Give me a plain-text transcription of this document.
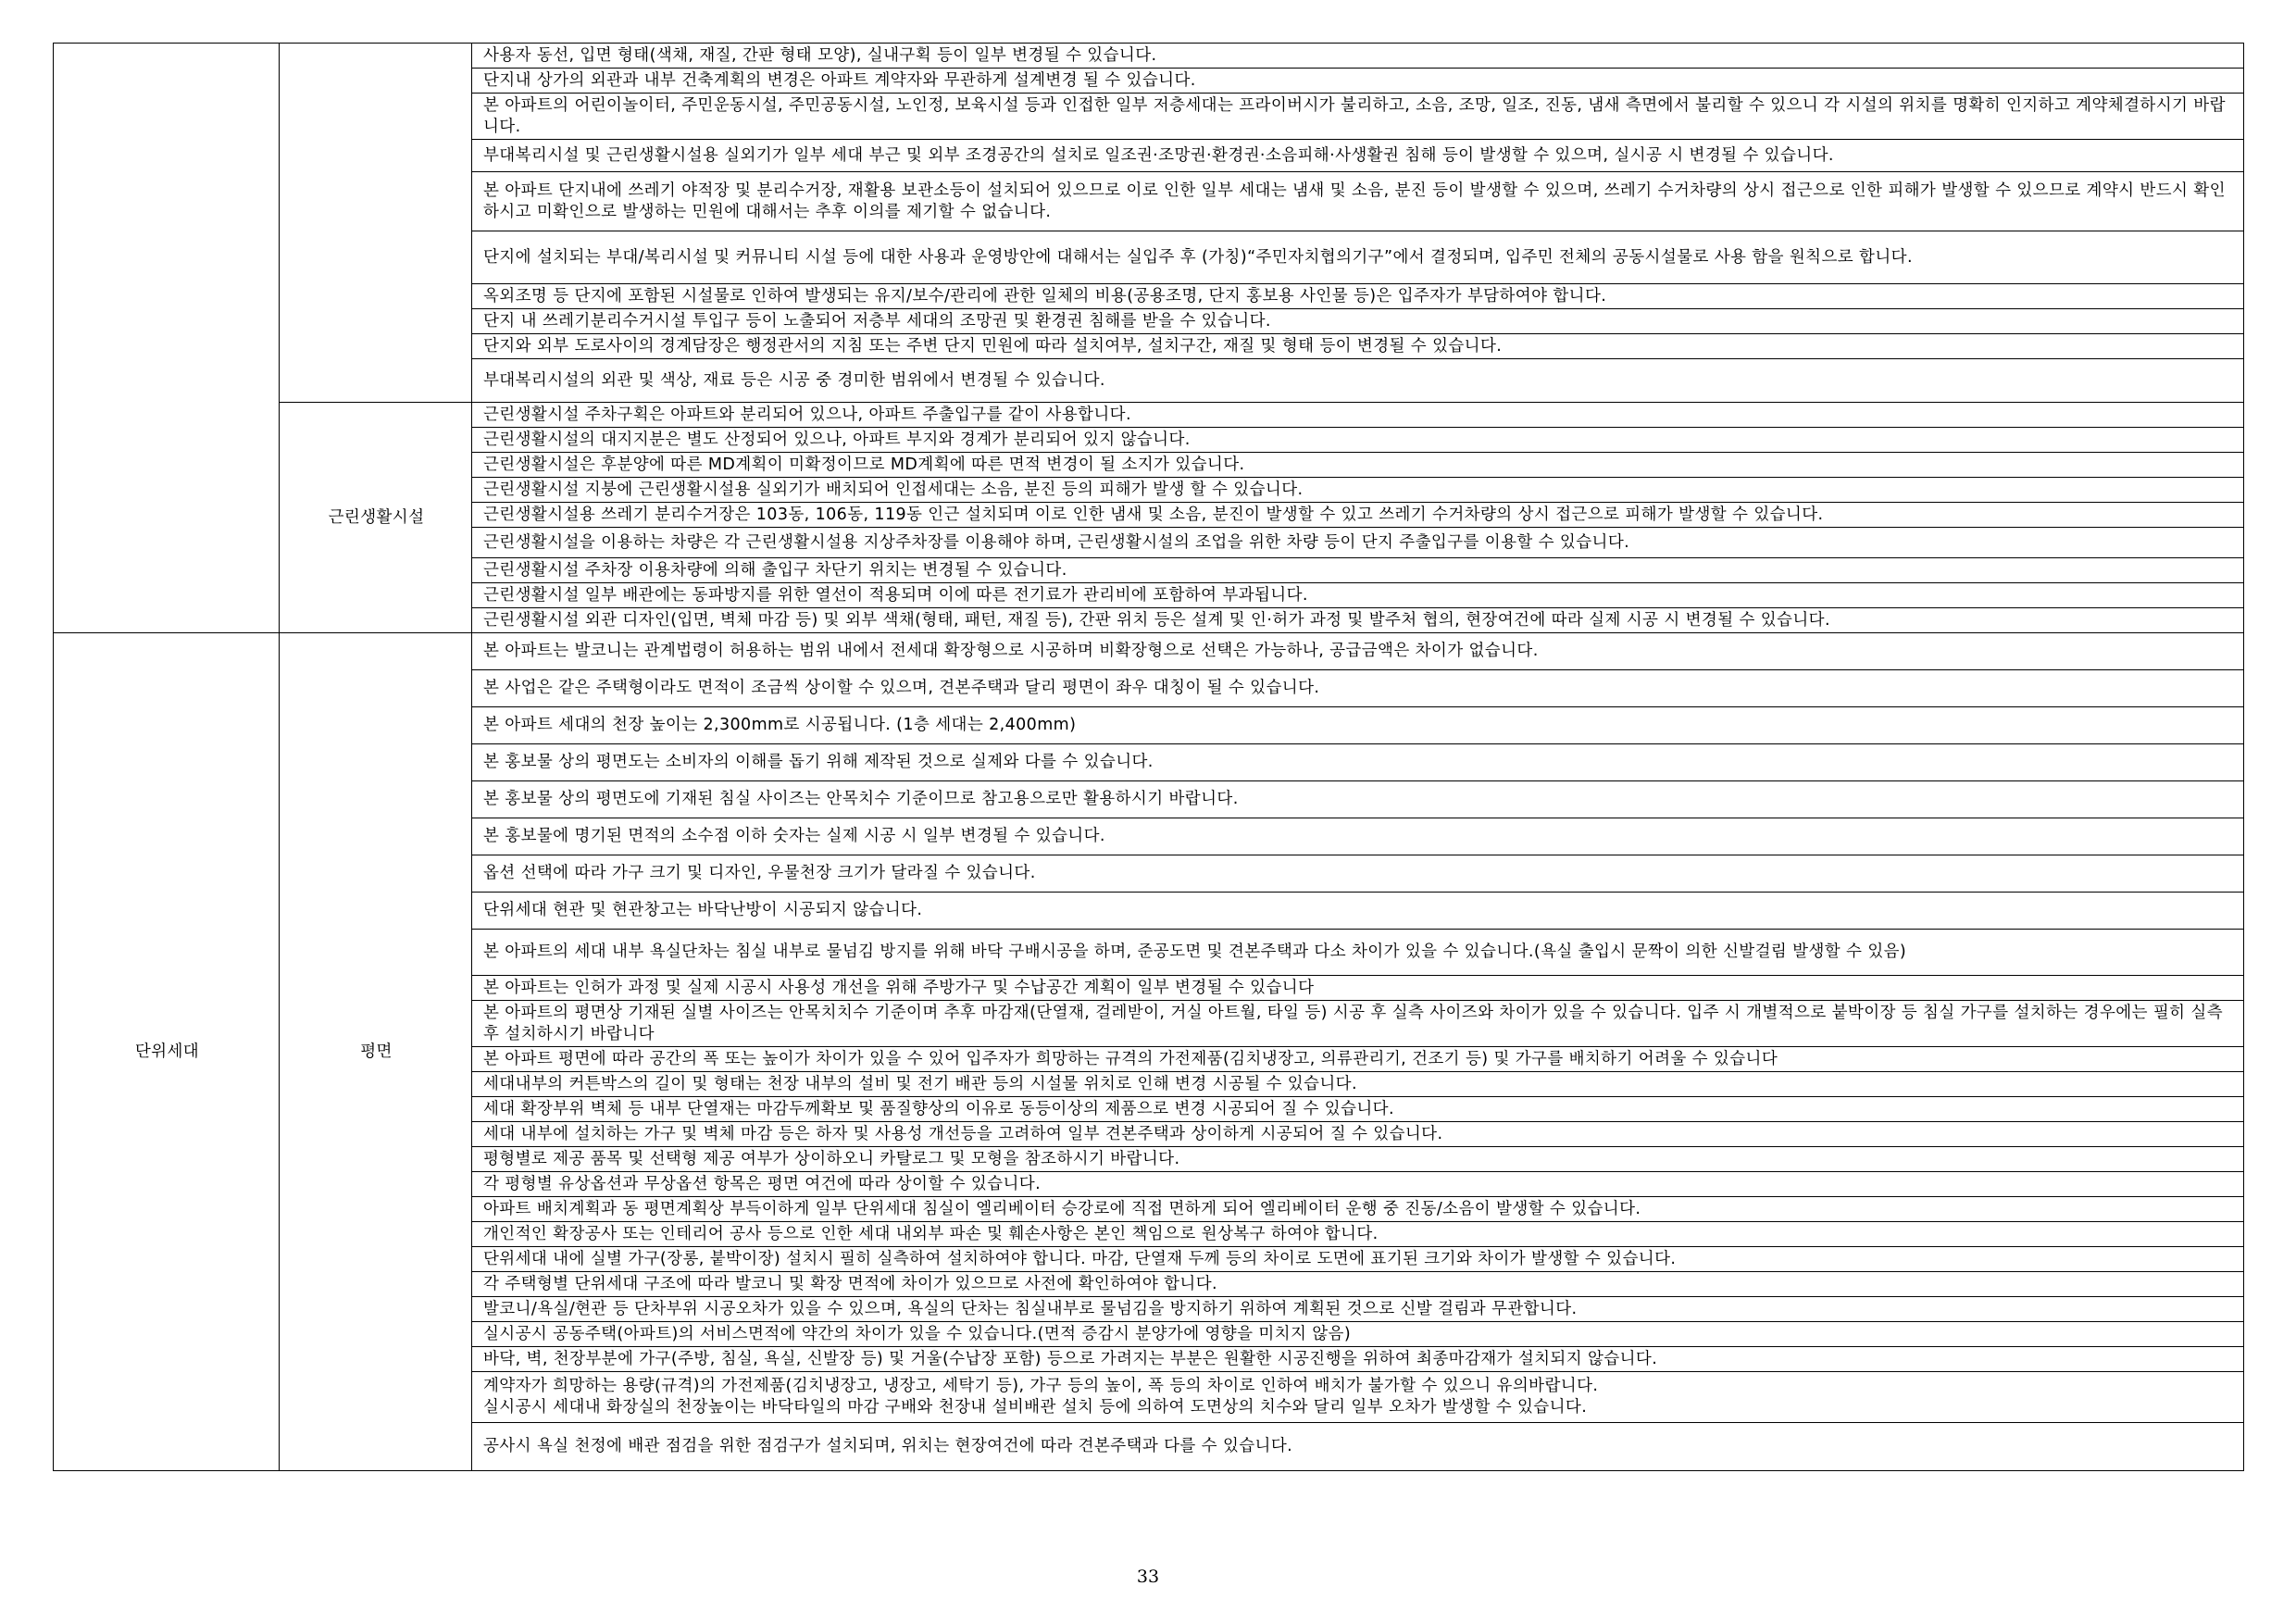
		사용자 동선, 입면 형태(색채, 재질, 간판 형태 모양), 실내구획 등이 일부 변경될 수 있습니다.
		단지내 상가의 외관과 내부 건축계획의 변경은 아파트 계약자와 무관하게 설계변경 될 수 있습니다.
		본 아파트의 어린이놀이터, 주민운동시설, 주민공동시설, 노인정, 보육시설 등과 인접한 일부 저층세대는 프라이버시가 불리하고, 소음, 조망, 일조, 진동, 냄새 측면에서 불리할 수 있으니 각 시설의 위치를 명확히 인지하고 계약체결하시기 바랍니다.
		부대복리시설 및 근린생활시설용 실외기가 일부 세대 부근 및 외부 조경공간의 설치로 일조권·조망권·환경권·소음피해·사생활권 침해 등이 발생할 수 있으며, 실시공 시 변경될 수 있습니다.
		본 아파트 단지내에 쓰레기 야적장 및 분리수거장, 재활용 보관소등이 설치되어 있으므로 이로 인한 일부 세대는 냄새 및 소음, 분진 등이 발생할 수 있으며, 쓰레기 수거차량의 상시 접근으로 인한 피해가 발생할 수 있으므로 계약시 반드시 확인하시고 미확인으로 발생하는 민원에 대해서는 추후 이의를 제기할 수 없습니다.
		단지에 설치되는 부대/복리시설 및 커뮤니티 시설 등에 대한 사용과 운영방안에 대해서는 실입주 후 (가칭)“주민자치협의기구”에서 결정되며, 입주민 전체의 공동시설물로 사용 함을 원칙으로 합니다.
		옥외조명 등 단지에 포함된 시설물로 인하여 발생되는 유지/보수/관리에 관한 일체의 비용(공용조명, 단지 홍보용 사인물 등)은 입주자가 부담하여야 합니다.
		단지 내 쓰레기분리수거시설 투입구 등이 노출되어 저층부 세대의 조망권 및 환경권 침해를 받을 수 있습니다.
		단지와 외부 도로사이의 경계담장은 행정관서의 지침 또는 주변 단지 민원에 따라 설치여부, 설치구간, 재질 및 형태 등이 변경될 수 있습니다.
		부대복리시설의 외관 및 색상, 재료 등은 시공 중 경미한 범위에서 변경될 수 있습니다.
	근린생활시설	근린생활시설 주차구획은 아파트와 분리되어 있으나, 아파트 주출입구를 같이 사용합니다.
		근린생활시설의 대지지분은 별도 산정되어 있으나, 아파트 부지와 경계가 분리되어 있지 않습니다.
		근린생활시설은 후분양에 따른 MD계획이 미확정이므로 MD계획에 따른 면적 변경이 될 소지가 있습니다.
		근린생활시설 지붕에 근린생활시설용 실외기가 배치되어 인접세대는 소음, 분진 등의 피해가 발생 할 수 있습니다.
		근린생활시설용 쓰레기 분리수거장은 103동, 106동, 119동 인근 설치되며 이로 인한 냄새 및 소음, 분진이 발생할 수 있고 쓰레기 수거차량의 상시 접근으로 피해가 발생할 수 있습니다.
		근린생활시설을 이용하는 차량은 각 근린생활시설용 지상주차장를 이용해야 하며, 근린생활시설의 조업을 위한 차량 등이 단지 주출입구를 이용할 수 있습니다.
		근린생활시설 주차장 이용차량에 의해 출입구 차단기 위치는 변경될 수 있습니다.
		근린생활시설 일부 배관에는 동파방지를 위한 열선이 적용되며 이에 따른 전기료가 관리비에 포함하여 부과됩니다.
		근린생활시설 외관 디자인(입면, 벽체 마감 등) 및 외부 색채(형태, 패턴, 재질 등), 간판 위치 등은 설계 및 인·허가 과정 및 발주처 협의, 현장여건에 따라 실제 시공 시 변경될 수 있습니다.
단위세대	평면	본 아파트는 발코니는 관계법령이 허용하는 범위 내에서 전세대 확장형으로 시공하며 비확장형으로 선택은 가능하나, 공급금액은 차이가 없습니다.
		본 사업은 같은 주택형이라도 면적이 조금씩 상이할 수 있으며, 견본주택과 달리 평면이 좌우 대칭이 될 수 있습니다.
		본 아파트 세대의 천장 높이는 2,300mm로 시공됩니다. (1층 세대는 2,400mm)
		본 홍보물 상의 평면도는 소비자의 이해를 돕기 위해 제작된 것으로 실제와 다를 수 있습니다.
		본 홍보물 상의 평면도에 기재된 침실 사이즈는 안목치수 기준이므로 참고용으로만 활용하시기 바랍니다.
		본 홍보물에 명기된 면적의 소수점 이하 숫자는 실제 시공 시 일부 변경될 수 있습니다.
		옵션 선택에 따라 가구 크기 및 디자인, 우물천장 크기가 달라질 수 있습니다.
		단위세대 현관 및 현관창고는 바닥난방이 시공되지 않습니다.
		본 아파트의 세대 내부 욕실단차는 침실 내부로 물넘김 방지를 위해 바닥 구배시공을 하며, 준공도면 및 견본주택과 다소 차이가 있을 수 있습니다.(욕실 출입시 문짝이 의한 신발걸림 발생할 수 있음)
		본 아파트는 인허가 과정 및 실제 시공시 사용성 개선을 위해 주방가구 및 수납공간 계획이 일부 변경될 수 있습니다
		본 아파트의 평면상 기재된 실별 사이즈는 안목치치수 기준이며 추후 마감재(단열재, 걸레받이, 거실 아트월, 타일 등) 시공 후 실측 사이즈와 차이가 있을 수 있습니다. 입주 시 개별적으로 붙박이장 등 침실 가구를 설치하는 경우에는 필히 실측 후 설치하시기 바랍니다
		본 아파트 평면에 따라 공간의 폭 또는 높이가 차이가 있을 수 있어 입주자가 희망하는 규격의 가전제품(김치냉장고, 의류관리기, 건조기 등) 및 가구를 배치하기 어려울 수 있습니다
		세대내부의 커튼박스의 길이 및 형태는 천장 내부의 설비 및 전기 배관 등의 시설물 위치로 인해 변경 시공될 수 있습니다.
		세대 확장부위 벽체 등 내부 단열재는 마감두께확보 및 품질향상의 이유로 동등이상의 제품으로 변경 시공되어 질 수 있습니다.
		세대 내부에 설치하는 가구 및 벽체 마감 등은 하자 및 사용성 개선등을 고려하여 일부 견본주택과 상이하게 시공되어 질 수 있습니다.
		평형별로 제공 품목 및 선택형 제공 여부가 상이하오니 카탈로그 및 모형을 참조하시기 바랍니다.
		각 평형별 유상옵션과 무상옵션 항목은 평면 여건에 따라 상이할 수 있습니다.
		아파트 배치계획과 동 평면계획상 부득이하게 일부 단위세대 침실이 엘리베이터 승강로에 직접 면하게 되어 엘리베이터 운행 중 진동/소음이 발생할 수 있습니다.
		개인적인 확장공사 또는 인테리어 공사 등으로 인한 세대 내외부 파손 및 훼손사항은 본인 책임으로 원상복구 하여야 합니다.
		단위세대 내에 실별 가구(장롱, 붙박이장) 설치시 필히 실측하여 설치하여야 합니다. 마감, 단열재 두께 등의 차이로 도면에 표기된 크기와 차이가 발생할 수 있습니다.
		각 주택형별 단위세대 구조에 따라 발코니 및 확장 면적에 차이가 있으므로 사전에 확인하여야 합니다.
		발코니/욕실/현관 등 단차부위 시공오차가 있을 수 있으며, 욕실의 단차는 침실내부로 물넘김을 방지하기 위하여 계획된 것으로 신발 걸림과 무관합니다.
		실시공시 공동주택(아파트)의 서비스면적에 약간의 차이가 있을 수 있습니다.(면적 증감시 분양가에 영향을 미치지 않음)
		바닥, 벽, 천장부분에 가구(주방, 침실, 욕실, 신발장 등) 및 거울(수납장 포함) 등으로 가려지는 부분은 원활한 시공진행을 위하여 최종마감재가 설치되지 않습니다.
		계약자가 희망하는 용량(규격)의 가전제품(김치냉장고, 냉장고, 세탁기 등), 가구 등의 높이, 폭 등의 차이로 인하여 배치가 불가할 수 있으니 유의바랍니다.
실시공시 세대내 화장실의 천장높이는 바닥타일의 마감 구배와 천장내 설비배관 설치 등에 의하여 도면상의 치수와 달리 일부 오차가 발생할 수 있습니다.
		공사시 욕실 천정에 배관 점검을 위한 점검구가 설치되며, 위치는 현장여건에 따라 견본주택과 다를 수 있습니다.
33
